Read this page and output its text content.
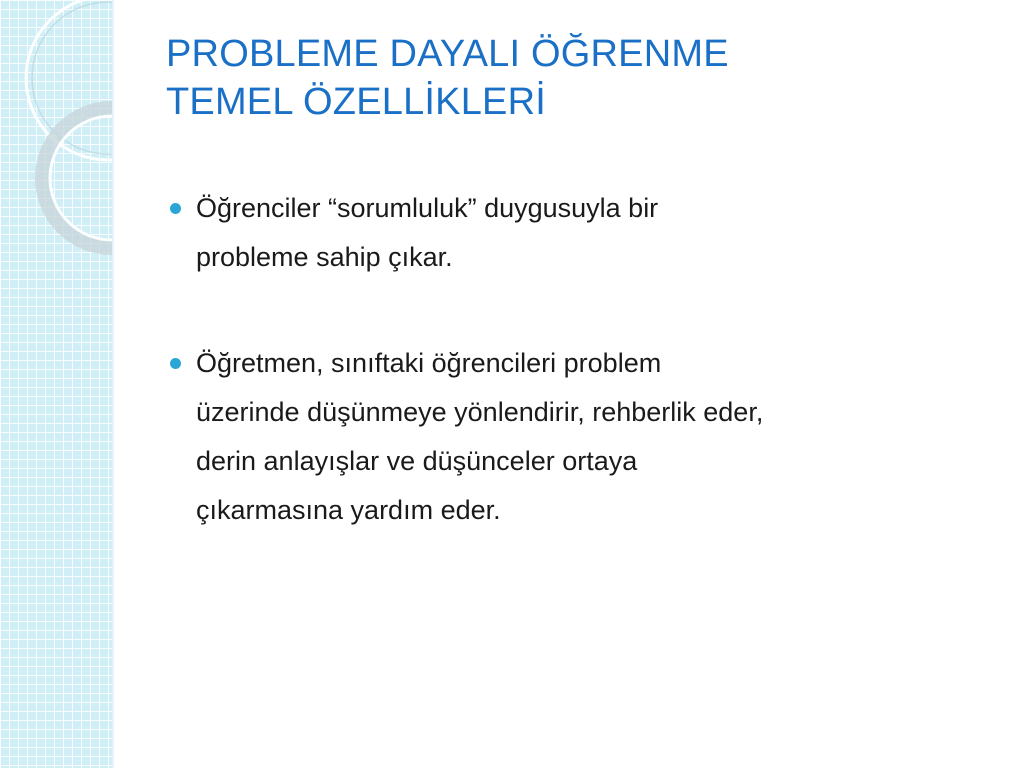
PROBLEME DAYALI ÖĞRENME
TEMEL ÖZELLİKLERİ
Öğrenciler “sorumluluk” duygusuyla bir
probleme sahip çıkar.
Öğretmen, sınıftaki öğrencileri problem
üzerinde düşünmeye yönlendirir, rehberlik eder,
derin anlayışlar ve düşünceler ortaya
çıkarmasına yardım eder.
